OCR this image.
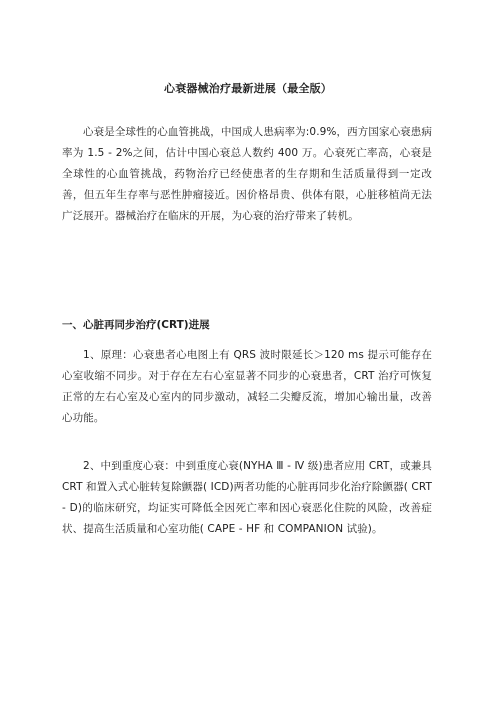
心衰器械治疗最新进展（最全版）
心衰是全球性的心血管挑战，中国成人患病率为:0.9%，西方国家心衰患病率为 1.5 - 2%之间，估计中国心衰总人数约 400 万。心衰死亡率高，心衰是全球性的心血管挑战，药物治疗已经使患者的生存期和生活质量得到一定改善，但五年生存率与恶性肿瘤接近。因价格昂贵、供体有限，心脏移植尚无法广泛展开。器械治疗在临床的开展，为心衰的治疗带来了转机。
一、心脏再同步治疗(CRT)进展
1、原理：心衰患者心电图上有 QRS 波时限延长＞120 ms 提示可能存在心室收缩不同步。对于存在左右心室显著不同步的心衰患者，CRT 治疗可恢复正常的左右心室及心室内的同步激动，减轻二尖瓣反流，增加心输出量，改善心功能。
2、中到重度心衰：中到重度心衰(NYHA Ⅲ - Ⅳ 级)患者应用 CRT，或兼具 CRT 和置入式心脏转复除颤器( ICD)两者功能的心脏再同步化治疗除颤器( CRT - D)的临床研究，均证实可降低全因死亡率和因心衰恶化住院的风险，改善症状、提高生活质量和心室功能( CAPE - HF 和 COMPANION 试验)。
